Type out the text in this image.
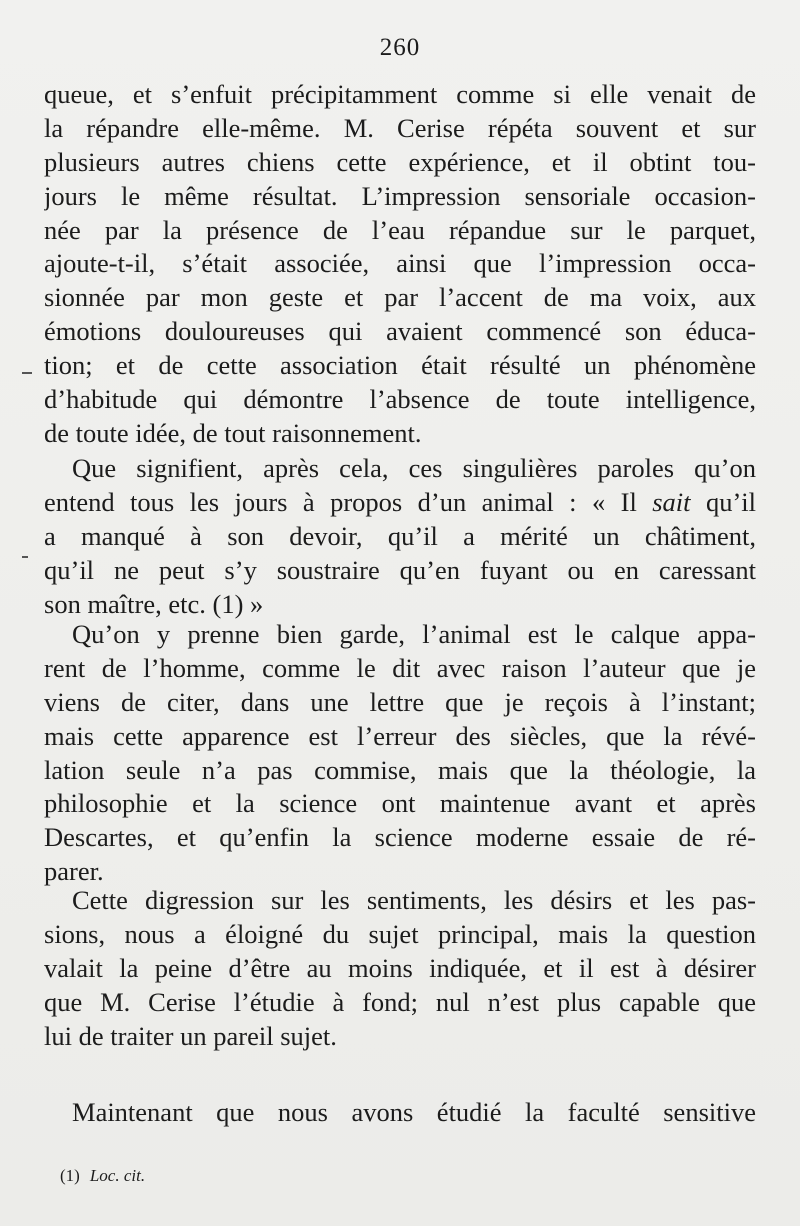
260
queue, et s’enfuit précipitamment comme si elle venait de
la répandre elle-même. M. Cerise répéta souvent et sur
plusieurs autres chiens cette expérience, et il obtint tou-
jours le même résultat. L’impression sensoriale occasion-
née par la présence de l’eau répandue sur le parquet,
ajoute-t-il, s’était associée, ainsi que l’impression occa-
sionnée par mon geste et par l’accent de ma voix, aux
émotions douloureuses qui avaient commencé son éduca-
tion; et de cette association était résulté un phénomène
d’habitude qui démontre l’absence de toute intelligence,
de toute idée, de tout raisonnement.
Que signifient, après cela, ces singulières paroles qu’on
entend tous les jours à propos d’un animal : « Il sait qu’il
a manqué à son devoir, qu’il a mérité un châtiment,
qu’il ne peut s’y soustraire qu’en fuyant ou en caressant
son maître, etc. (1) »
Qu’on y prenne bien garde, l’animal est le calque appa-
rent de l’homme, comme le dit avec raison l’auteur que je
viens de citer, dans une lettre que je reçois à l’instant;
mais cette apparence est l’erreur des siècles, que la révé-
lation seule n’a pas commise, mais que la théologie, la
philosophie et la science ont maintenue avant et après
Descartes, et qu’enfin la science moderne essaie de ré-
parer.
Cette digression sur les sentiments, les désirs et les pas-
sions, nous a éloigné du sujet principal, mais la question
valait la peine d’être au moins indiquée, et il est à désirer
que M. Cerise l’étudie à fond; nul n’est plus capable que
lui de traiter un pareil sujet.
Maintenant que nous avons étudié la faculté sensitive
(1) Loc. cit.
